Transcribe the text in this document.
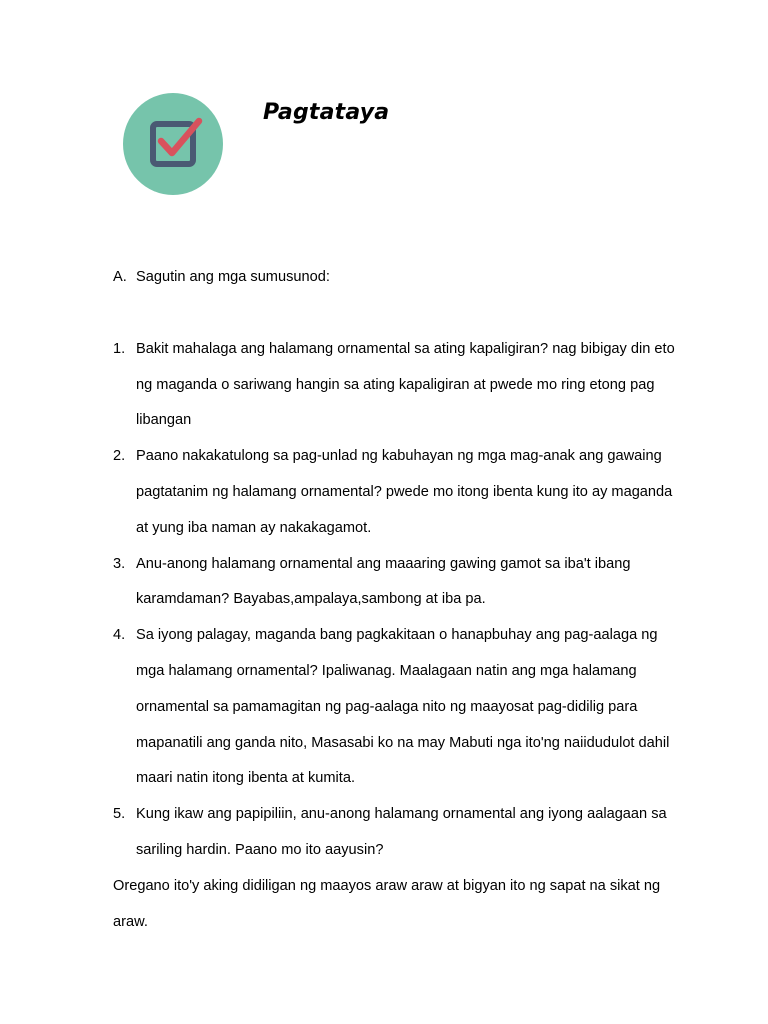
Pagtataya

A. Sagutin ang mga sumusunod:

1. Bakit mahalaga ang halamang ornamental sa ating kapaligiran? nag bibigay din eto ng maganda o sariwang hangin sa ating kapaligiran at pwede mo ring etong pag libangan
2. Paano nakakatulong sa pag-unlad ng kabuhayan ng mga mag-anak ang gawaing pagtatanim ng halamang ornamental? pwede mo itong ibenta kung ito ay maganda at yung iba naman ay nakakagamot.
3. Anu-anong halamang ornamental ang maaaring gawing gamot sa iba't ibang karamdaman? Bayabas,ampalaya,sambong at iba pa.
4. Sa iyong palagay, maganda bang pagkakitaan o hanapbuhay ang pag-aalaga ng mga halamang ornamental? Ipaliwanag. Maalagaan natin ang mga halamang ornamental sa pamamagitan ng pag-aalaga nito ng maayosat pag-didilig para mapanatili ang ganda nito, Masasabi ko na may Mabuti nga ito'ng naiidudulot dahil maari natin itong ibenta at kumita.
5. Kung ikaw ang papipiliin, anu-anong halamang ornamental ang iyong aalagaan sa sariling hardin. Paano mo ito aayusin?

Oregano ito'y aking didiligan ng maayos araw araw at bigyan ito ng sapat na sikat ng araw.
